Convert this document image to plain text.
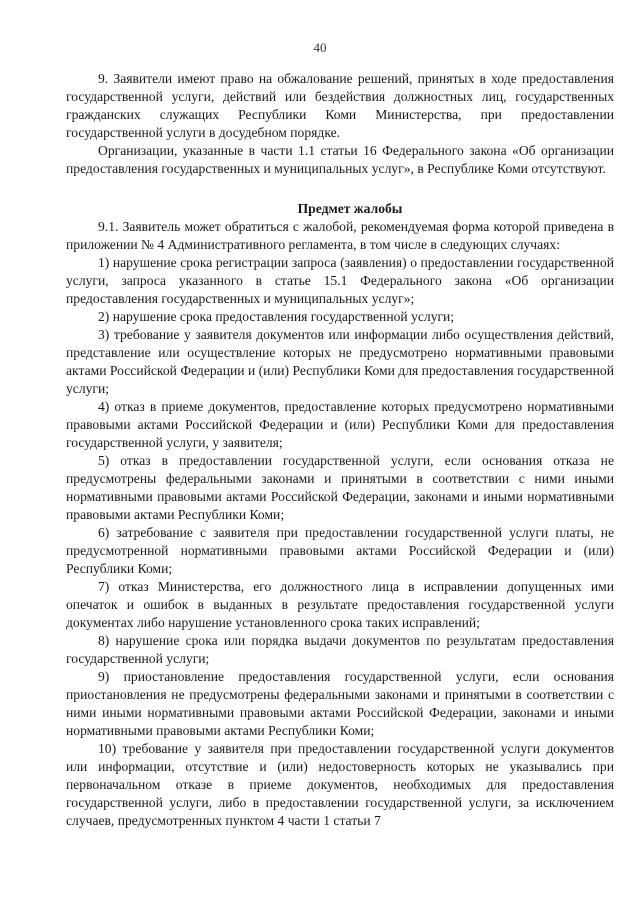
40

9. Заявители имеют право на обжалование решений, принятых в ходе предоставления государственной услуги, действий или бездействия должностных лиц, государственных гражданских служащих Республики Коми Министерства, при предоставлении государственной услуги в досудебном порядке.

Организации, указанные в части 1.1 статьи 16 Федерального закона «Об организации предоставления государственных и муниципальных услуг», в Республике Коми отсутствуют.

Предмет жалобы

9.1. Заявитель может обратиться с жалобой, рекомендуемая форма которой приведена в приложении № 4 Административного регламента, в том числе в следующих случаях:

1) нарушение срока регистрации запроса (заявления) о предоставлении государственной услуги, запроса указанного в статье 15.1 Федерального закона «Об организации предоставления государственных и муниципальных услуг»;

2) нарушение срока предоставления государственной услуги;

3) требование у заявителя документов или информации либо осуществления действий, представление или осуществление которых не предусмотрено нормативными правовыми актами Российской Федерации и (или) Республики Коми для предоставления государственной услуги;

4) отказ в приеме документов, предоставление которых предусмотрено нормативными правовыми актами Российской Федерации и (или) Республики Коми для предоставления государственной услуги, у заявителя;

5) отказ в предоставлении государственной услуги, если основания отказа не предусмотрены федеральными законами и принятыми в соответствии с ними иными нормативными правовыми актами Российской Федерации, законами и иными нормативными правовыми актами Республики Коми;

6) затребование с заявителя при предоставлении государственной услуги платы, не предусмотренной нормативными правовыми актами Российской Федерации и (или) Республики Коми;

7) отказ Министерства, его должностного лица в исправлении допущенных ими опечаток и ошибок в выданных в результате предоставления государственной услуги документах либо нарушение установленного срока таких исправлений;

8) нарушение срока или порядка выдачи документов по результатам предоставления государственной услуги;

9) приостановление предоставления государственной услуги, если основания приостановления не предусмотрены федеральными законами и принятыми в соответствии с ними иными нормативными правовыми актами Российской Федерации, законами и иными нормативными правовыми актами Республики Коми;

10) требование у заявителя при предоставлении государственной услуги документов или информации, отсутствие и (или) недостоверность которых не указывались при первоначальном отказе в приеме документов, необходимых для предоставления государственной услуги, либо в предоставлении государственной услуги, за исключением случаев, предусмотренных пунктом 4 части 1 статьи 7
